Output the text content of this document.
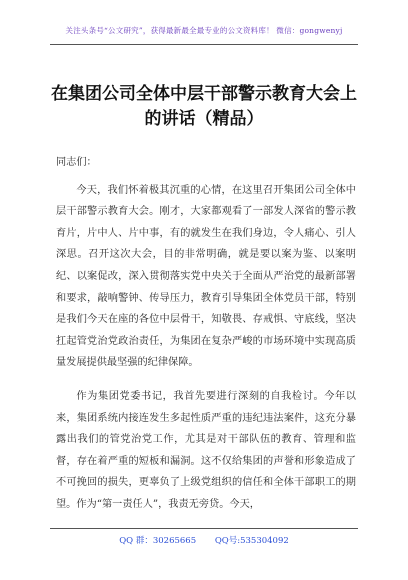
关注头条号“公文研究”，获得最新最全最专业的公文资料库！ 微信：gongwenyj
在集团公司全体中层干部警示教育大会上
的讲话（精品）

同志们：

今天，我们怀着极其沉重的心情，在这里召开集团公司全体中层干部警示教育大会。刚才，大家都观看了一部发人深省的警示教育片，片中人、片中事，有的就发生在我们身边，令人痛心、引人深思。召开这次大会，目的非常明确，就是要以案为鉴、以案明纪、以案促改，深入贯彻落实党中央关于全面从严治党的最新部署和要求，敲响警钟、传导压力，教育引导集团全体党员干部，特别是我们今天在座的各位中层骨干，知敬畏、存戒惧、守底线，坚决扛起管党治党政治责任，为集团在复杂严峻的市场环境中实现高质量发展提供最坚强的纪律保障。

作为集团党委书记，我首先要进行深刻的自我检讨。今年以来，集团系统内接连发生多起性质严重的违纪违法案件，这充分暴露出我们的管党治党工作，尤其是对干部队伍的教育、管理和监督，存在着严重的短板和漏洞。这不仅给集团的声誉和形象造成了不可挽回的损失，更辜负了上级党组织的信任和全体干部职工的期望。作为“第一责任人”，我责无旁贷。今天，

QQ 群：30265665 QQ号:535304092
